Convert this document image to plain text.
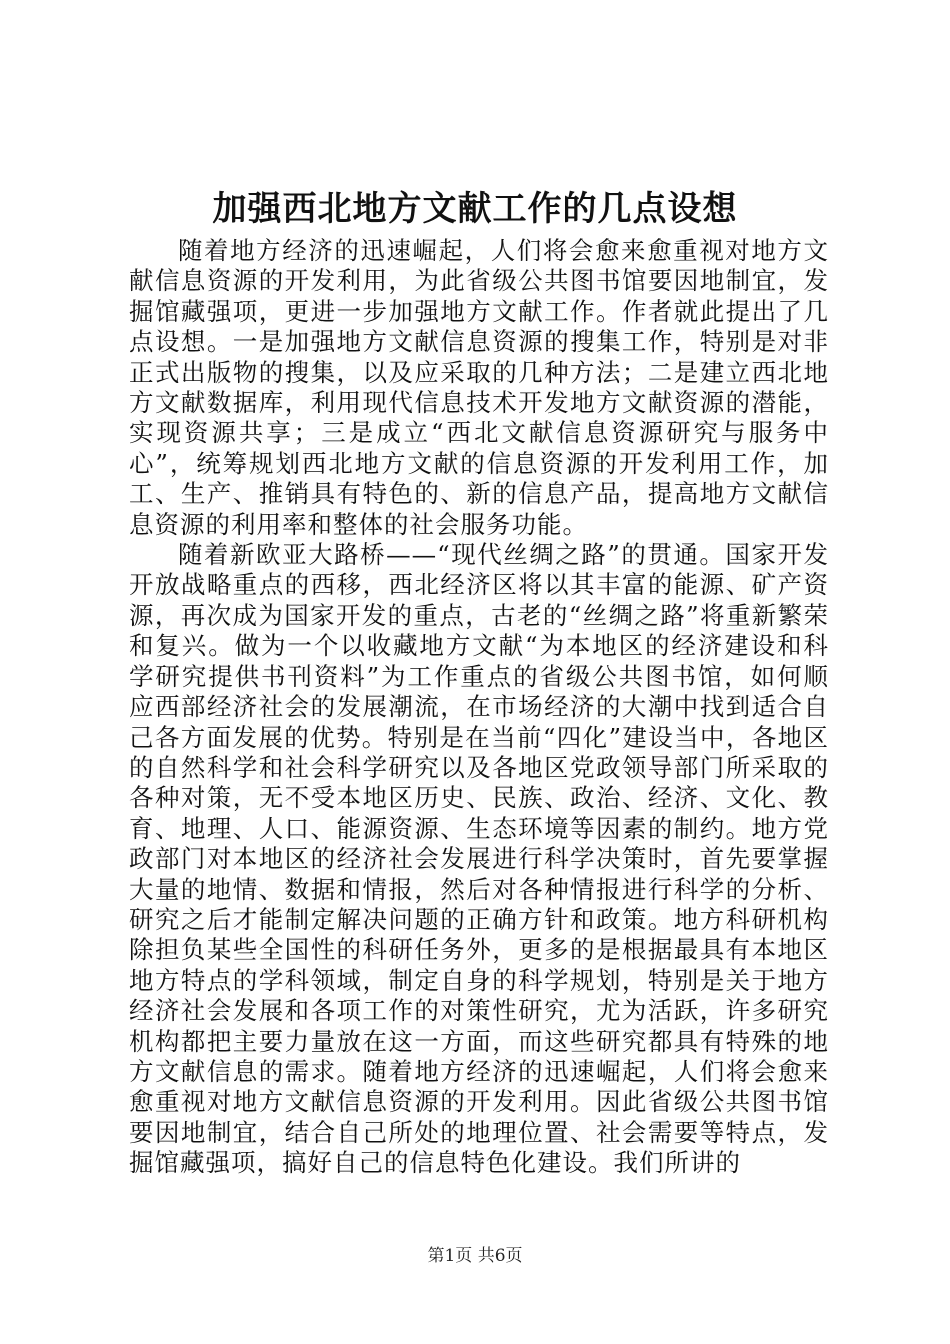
加强西北地方文献工作的几点设想

随着地方经济的迅速崛起，人们将会愈来愈重视对地方文献信息资源的开发利用，为此省级公共图书馆要因地制宜，发掘馆藏强项，更进一步加强地方文献工作。作者就此提出了几点设想。一是加强地方文献信息资源的搜集工作，特别是对非正式出版物的搜集，以及应采取的几种方法；二是建立西北地方文献数据库，利用现代信息技术开发地方文献资源的潜能，实现资源共享；三是成立“西北文献信息资源研究与服务中心”，统筹规划西北地方文献的信息资源的开发利用工作，加工、生产、推销具有特色的、新的信息产品，提高地方文献信息资源的利用率和整体的社会服务功能。

随着新欧亚大路桥——“现代丝绸之路”的贯通。国家开发开放战略重点的西移，西北经济区将以其丰富的能源、矿产资源，再次成为国家开发的重点，古老的“丝绸之路”将重新繁荣和复兴。做为一个以收藏地方文献“为本地区的经济建设和科学研究提供书刊资料”为工作重点的省级公共图书馆，如何顺应西部经济社会的发展潮流，在市场经济的大潮中找到适合自己各方面发展的优势。特别是在当前“四化”建设当中，各地区的自然科学和社会科学研究以及各地区党政领导部门所采取的各种对策，无不受本地区历史、民族、政治、经济、文化、教育、地理、人口、能源资源、生态环境等因素的制约。地方党政部门对本地区的经济社会发展进行科学决策时，首先要掌握大量的地情、数据和情报，然后对各种情报进行科学的分析、研究之后才能制定解决问题的正确方针和政策。地方科研机构除担负某些全国性的科研任务外，更多的是根据最具有本地区地方特点的学科领域，制定自身的科学规划，特别是关于地方经济社会发展和各项工作的对策性研究，尤为活跃，许多研究机构都把主要力量放在这一方面，而这些研究都具有特殊的地方文献信息的需求。随着地方经济的迅速崛起，人们将会愈来愈重视对地方文献信息资源的开发利用。因此省级公共图书馆要因地制宜，结合自己所处的地理位置、社会需要等特点，发掘馆藏强项，搞好自己的信息特色化建设。我们所讲的

第1页 共6页
